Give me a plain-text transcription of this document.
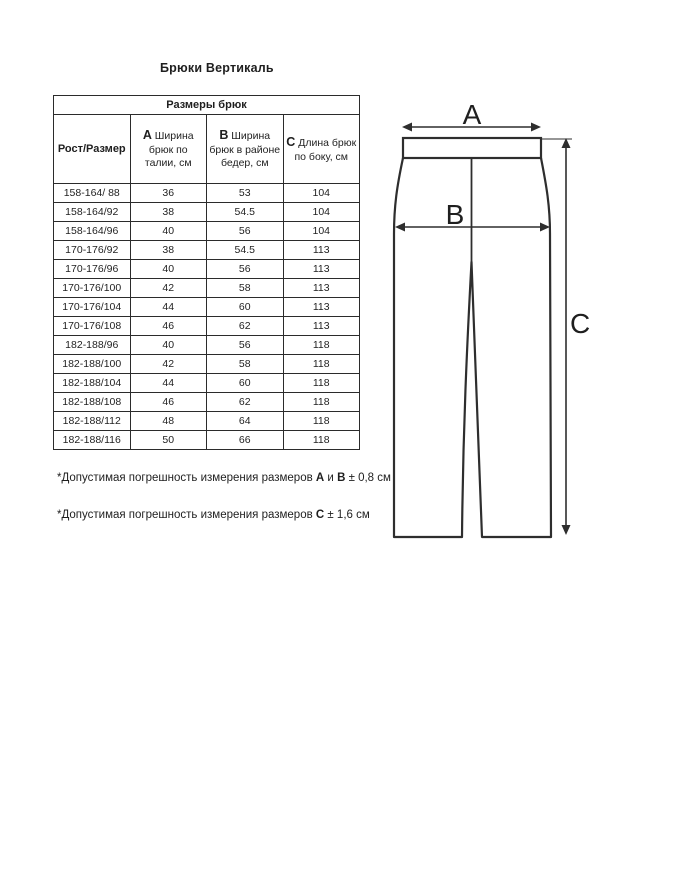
Брюки Вертикаль
Размеры брюк			
Рост/Размер	А Ширина брюк по талии, см	В Ширина брюк в районе бедер, см	С Длина брюк по боку, см
158-164/ 88	36	53	104
158-164/92	38	54.5	104
158-164/96	40	56	104
170-176/92	38	54.5	113
170-176/96	40	56	113
170-176/100	42	58	113
170-176/104	44	60	113
170-176/108	46	62	113
182-188/96	40	56	118
182-188/100	42	58	118
182-188/104	44	60	118
182-188/108	46	62	118
182-188/112	48	64	118
182-188/116	50	66	118

*Допустимая погрешность измерения размеров А и В ± 0,8 см

*Допустимая погрешность измерения размеров С ± 1,6 см

A
B
C
